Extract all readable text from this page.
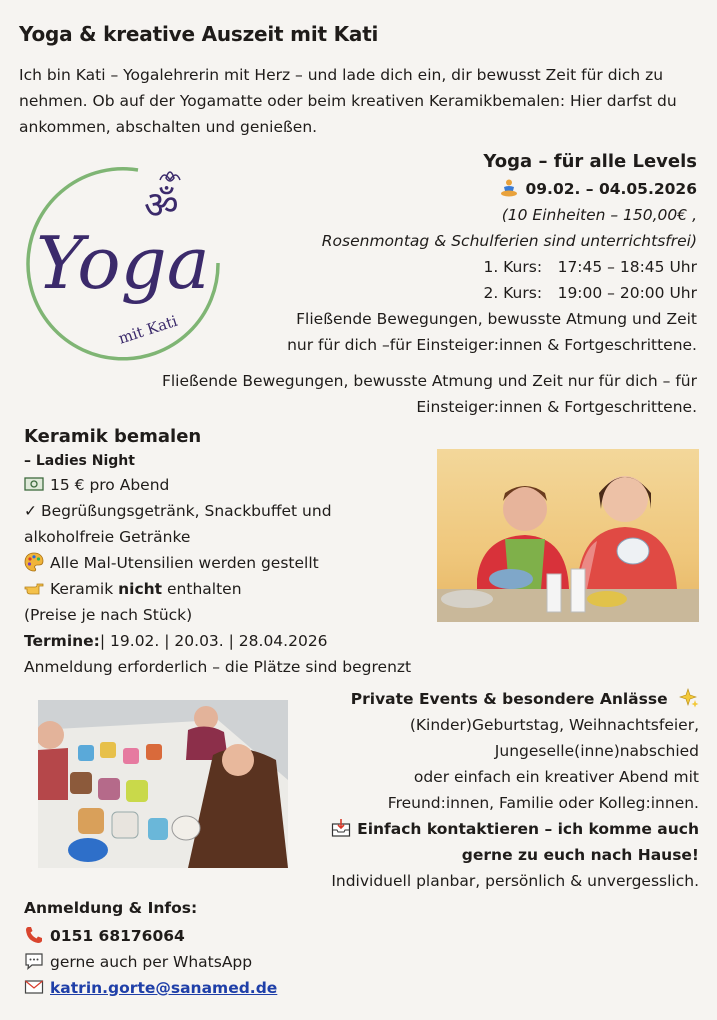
Yoga & kreative Auszeit mit Kati

Ich bin Kati – Yogalehrerin mit Herz – und lade dich ein, dir bewusst Zeit für dich zu nehmen. Ob auf der Yogamatte oder beim kreativen Keramikbemalen: Hier darfst du ankommen, abschalten und genießen.

ॐ
Yoga
mit Kati
Yoga – für alle Levels
09.02. – 04.05.2026
(10 Einheiten – 150,00€ ,
Rosenmontag & Schulferien sind unterrichtsfrei)
1. Kurs: 17:45 – 18:45 Uhr
2. Kurs: 19:00 – 20:00 Uhr
Fließende Bewegungen, bewusste Atmung und Zeit
nur für dich –für Einsteiger:innen & Fortgeschrittene.
Fließende Bewegungen, bewusste Atmung und Zeit nur für dich – für
Einsteiger:innen & Fortgeschrittene.
Keramik bemalen
– Ladies Night
15 € pro Abend
✓ Begrüßungsgetränk, Snackbuffet und
alkoholfreie Getränke
Alle Mal-Utensilien werden gestellt
Keramik nicht enthalten
(Preise je nach Stück)
Termine:| 19.02. | 20.03. | 28.04.2026
Anmeldung erforderlich – die Plätze sind begrenzt
Private Events & besondere Anlässe
(Kinder)Geburtstag, Weihnachtsfeier,
Jungeselle(inne)nabschied
oder einfach ein kreativer Abend mit
Freund:innen, Familie oder Kolleg:innen.
Einfach kontaktieren – ich komme auch
gerne zu euch nach Hause!
Individuell planbar, persönlich & unvergesslich.
Anmeldung & Infos:
0151 68176064
gerne auch per WhatsApp
katrin.gorte@sanamed.de
